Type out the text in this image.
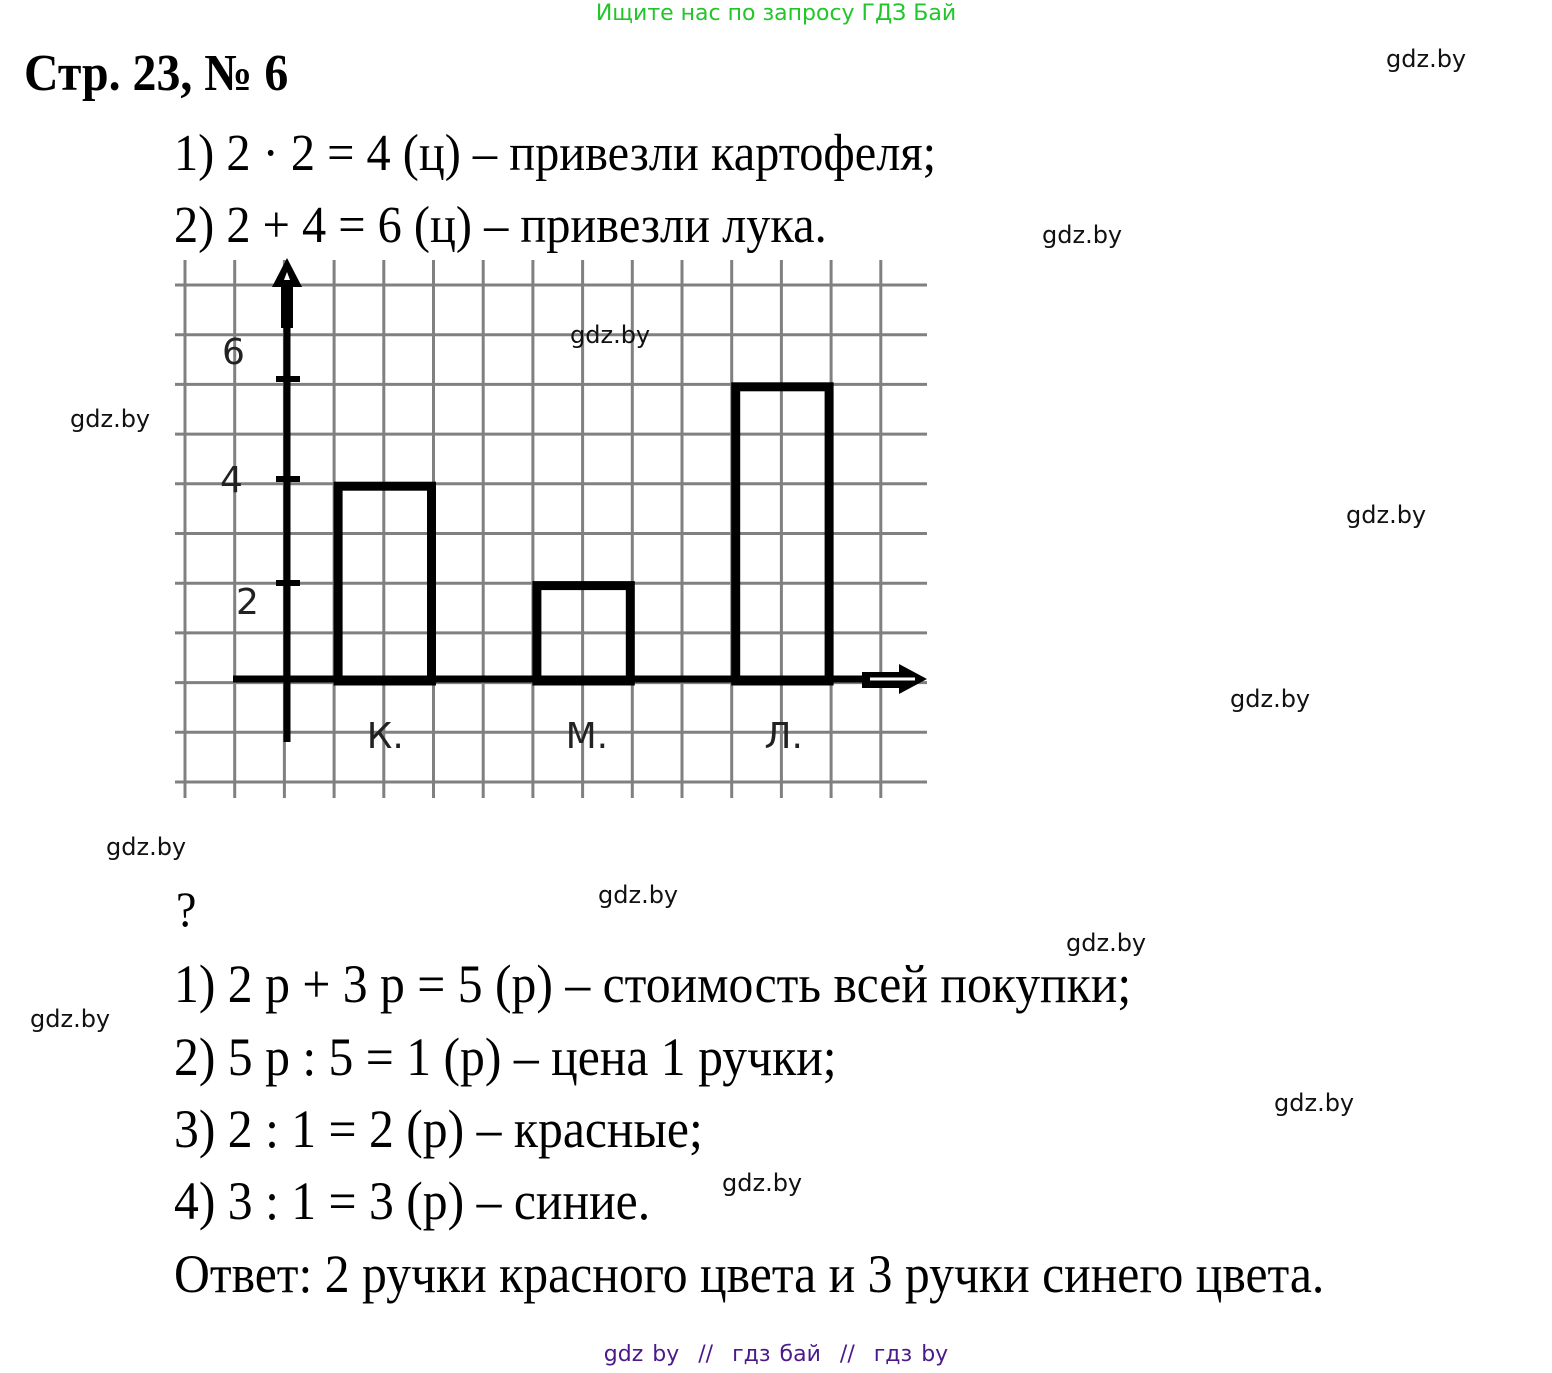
Ищите нас по запросу ГДЗ Бай
Стр. 23, № 6
1) 2 · 2 = 4 (ц) – привезли картофеля;
2) 2 + 4 = 6 (ц) – привезли лука.
2
4
6
К.	М.	Л.
gdz.by
?
1) 2 р + 3 р = 5 (р) – стоимость всей покупки;
2) 5 р : 5 = 1 (р) – цена 1 ручки;
3) 2 : 1 = 2 (р) – красные;
4) 3 : 1 = 3 (р) – синие.
Ответ: 2 ручки красного цвета и 3 ручки синего цвета.
gdz.by
gdz.by
gdz.by
gdz.by
gdz.by
gdz.by
gdz.by
gdz.by
gdz.by
gdz.by
gdz.by
gdz by // гдз бай // гдз by
